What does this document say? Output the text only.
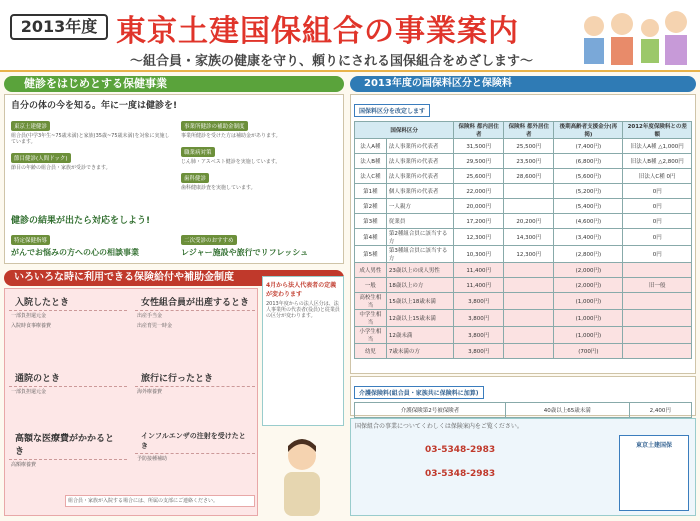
2013年度 東京土建国保組合の事業案内
〜組合員・家族の健康を守り、頼りにされる国保組合をめざします〜
健診をはじめとする保健事業
自分の体の今を知る。年に一度は健診を!
東京土建健診
組合員(中学3年生~75歳未満)と家族(35歳~75歳未満)を対象に実施しています。
節目健診(人間ドック)
節目の年齢の組合員・家族が受診できます。
事業所健診の補助金制度
事業所健診を受けた方は補助金があります。
職業病対策
じん肺・アスベスト健診を実施しています。
歯科健診
歯科健康診査を実施しています。
健診の結果が出たら対応をしよう!
特定保健指導	二次受診のおすすめ
がんでお悩みの方への心の相談事業	レジャー施設や旅行でリフレッシュ
いろいろな時に利用できる保険給付や補助金制度
入院したとき
一部負担還元金
入院時食事療養費
女性組合員が出産するとき
出産手当金
出産育児一時金
通院のとき
一部負担還元金
旅行に行ったとき
海外療養費
高額な医療費がかかるとき
高額療養費
インフルエンザの注射を受けたとき
予防接種補助
組合員・家族が入院する場合には、所属の支部にご連絡ください。
4月から法人代表者の定義が変わります
2013年度からの法人区分は、法人事業所の代表者(役員)と従業員の区分が変わります。
2013年度の国保料区分と保険料
国保料区分を改定します
国保料区分		保険料 都内居住者	保険料 都外居住者	後期高齢者支援金分(再掲)	2012年度保険料との差額
法人A種	法人事業所の代表者	31,500円	25,500円	(7,400円)	旧法人A種 △1,000円
法人B種	法人事業所の代表者	29,500円	23,500円	(6,800円)	旧法人B種 △2,800円
法人C種	法人事業所の代表者	25,600円	28,600円	(5,600円)	旧法人C種 0円
第1種	個人事業所の代表者	22,000円		(5,200円)	0円
第2種	一人親方	20,000円		(5,400円)	0円
第3種	従業員	17,200円	20,200円	(4,600円)	0円
第4種	第2種組合員に該当する方	12,300円	14,300円	(3,400円)	0円
第5種	第3種組合員に該当する方	10,300円	12,300円	(2,800円)	0円
成人男性	23歳以上の成人男性	11,400円		(2,000円)	
一般	18歳以上の方	11,400円		(2,000円)	旧一般
高校生相当	15歳以上18歳未満	3,800円		(1,000円)	
中学生相当	12歳以上15歳未満	3,800円		(1,000円)	
小学生相当	12歳未満	3,800円		(1,000円)	
幼児	7歳未満の方	3,800円		(700円)	
介護保険料(組合員・家族共に保険料に加算)
介護保険第2号被保険者	40歳以上65歳未満	2,400円
国保組合の事業についてくわしくは保険案内をご覧ください。
03-5348-2983
03-5348-2983
東京土建国保
